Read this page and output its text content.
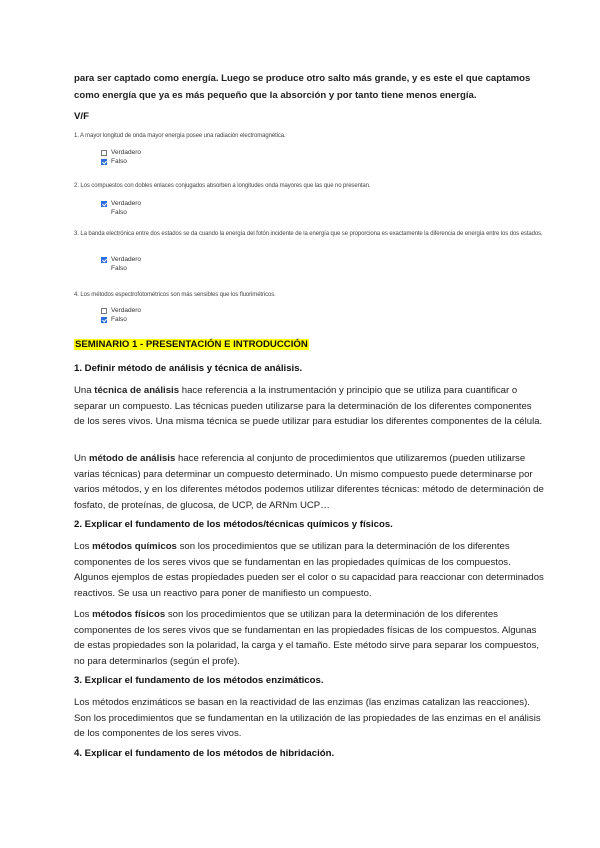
para ser captado como energía. Luego se produce otro salto más grande, y es este el que captamos como energía que ya es más pequeño que la absorción y por tanto tiene menos energía.
V/F
1. A mayor longitud de onda mayor energía posee una radiación electromagnética.
Verdadero
Falso
2. Los compuestos con dobles enlaces conjugados absorben a longitudes onda mayores que las que no presentan.
Verdadero
Falso
3. La banda electrónica entre dos estados se da cuando la energía del fotón incidente de la energía que se proporciona es exactamente la diferencia de energía entre los dos estados.
Verdadero
Falso
4. Los métodos espectrofotométricos son más sensibles que los fluorimétricos.
Verdadero
Falso
SEMINARIO 1 - PRESENTACIÓN E INTRODUCCIÓN
1. Definir método de análisis y técnica de análisis.
Una técnica de análisis hace referencia a la instrumentación y principio que se utiliza para cuantificar o separar un compuesto. Las técnicas pueden utilizarse para la determinación de los diferentes componentes de los seres vivos. Una misma técnica se puede utilizar para estudiar los diferentes componentes de la célula.
Un método de análisis hace referencia al conjunto de procedimientos que utilizaremos (pueden utilizarse varias técnicas) para determinar un compuesto determinado. Un mismo compuesto puede determinarse por varios métodos, y en los diferentes métodos podemos utilizar diferentes técnicas: método de determinación de fosfato, de proteínas, de glucosa, de UCP, de ARNm UCP…
2. Explicar el fundamento de los métodos/técnicas químicos y físicos.
Los métodos químicos son los procedimientos que se utilizan para la determinación de los diferentes componentes de los seres vivos que se fundamentan en las propiedades químicas de los compuestos. Algunos ejemplos de estas propiedades pueden ser el color o su capacidad para reaccionar con determinados reactivos. Se usa un reactivo para poner de manifiesto un compuesto.
Los métodos físicos son los procedimientos que se utilizan para la determinación de los diferentes componentes de los seres vivos que se fundamentan en las propiedades físicas de los compuestos. Algunas de estas propiedades son la polaridad, la carga y el tamaño. Este método sirve para separar los compuestos, no para determinarlos (según el profe).
3. Explicar el fundamento de los métodos enzimáticos.
Los métodos enzimáticos se basan en la reactividad de las enzimas (las enzimas catalizan las reacciones). Son los procedimientos que se fundamentan en la utilización de las propiedades de las enzimas en el análisis de los componentes de los seres vivos.
4. Explicar el fundamento de los métodos de hibridación.
